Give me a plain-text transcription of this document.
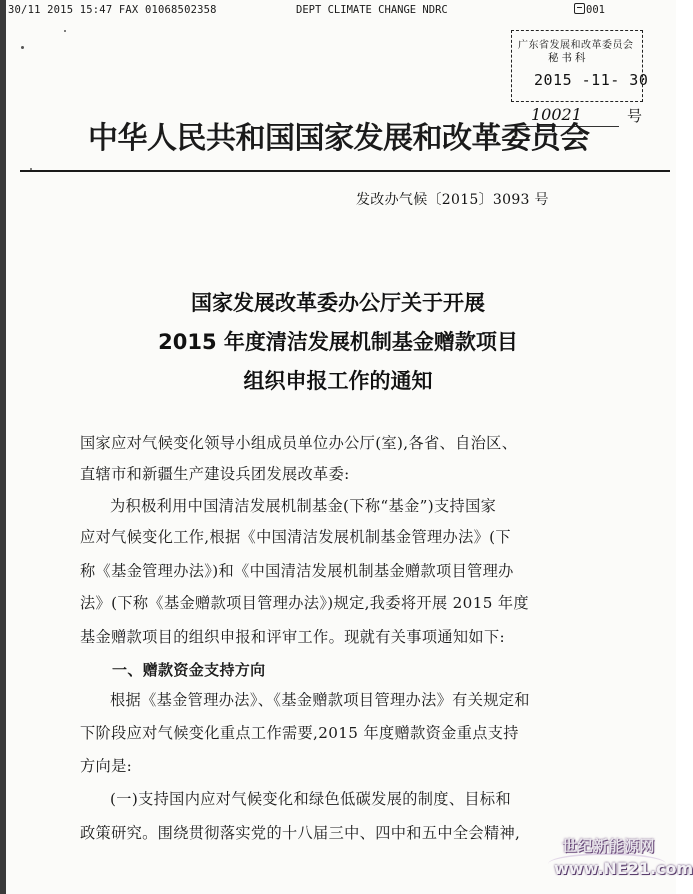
30/11 2015 15:47 FAX 01068502358	DEPT CLIMATE CHANGE NDRC	001
广东省发展和改革委员会
秘书科
2015 -11- 30
10021	号
中华人民共和国国家发展和改革委员会
发改办气候〔2015〕3093 号
国家发展改革委办公厅关于开展
2015 年度清洁发展机制基金赠款项目
组织申报工作的通知
国家应对气候变化领导小组成员单位办公厅(室),各省、自治区、
直辖市和新疆生产建设兵团发展改革委:
为积极利用中国清洁发展机制基金(下称“基金”)支持国家
应对气候变化工作,根据《中国清洁发展机制基金管理办法》(下
称《基金管理办法》)和《中国清洁发展机制基金赠款项目管理办
法》(下称《基金赠款项目管理办法》)规定,我委将开展 2015 年度
基金赠款项目的组织申报和评审工作。现就有关事项通知如下:
一、赠款资金支持方向
根据《基金管理办法》、《基金赠款项目管理办法》有关规定和
下阶段应对气候变化重点工作需要,2015 年度赠款资金重点支持
方向是:
(一)支持国内应对气候变化和绿色低碳发展的制度、目标和
政策研究。围绕贯彻落实党的十八届三中、四中和五中全会精神,
世纪新能源网
www.NE21.com
